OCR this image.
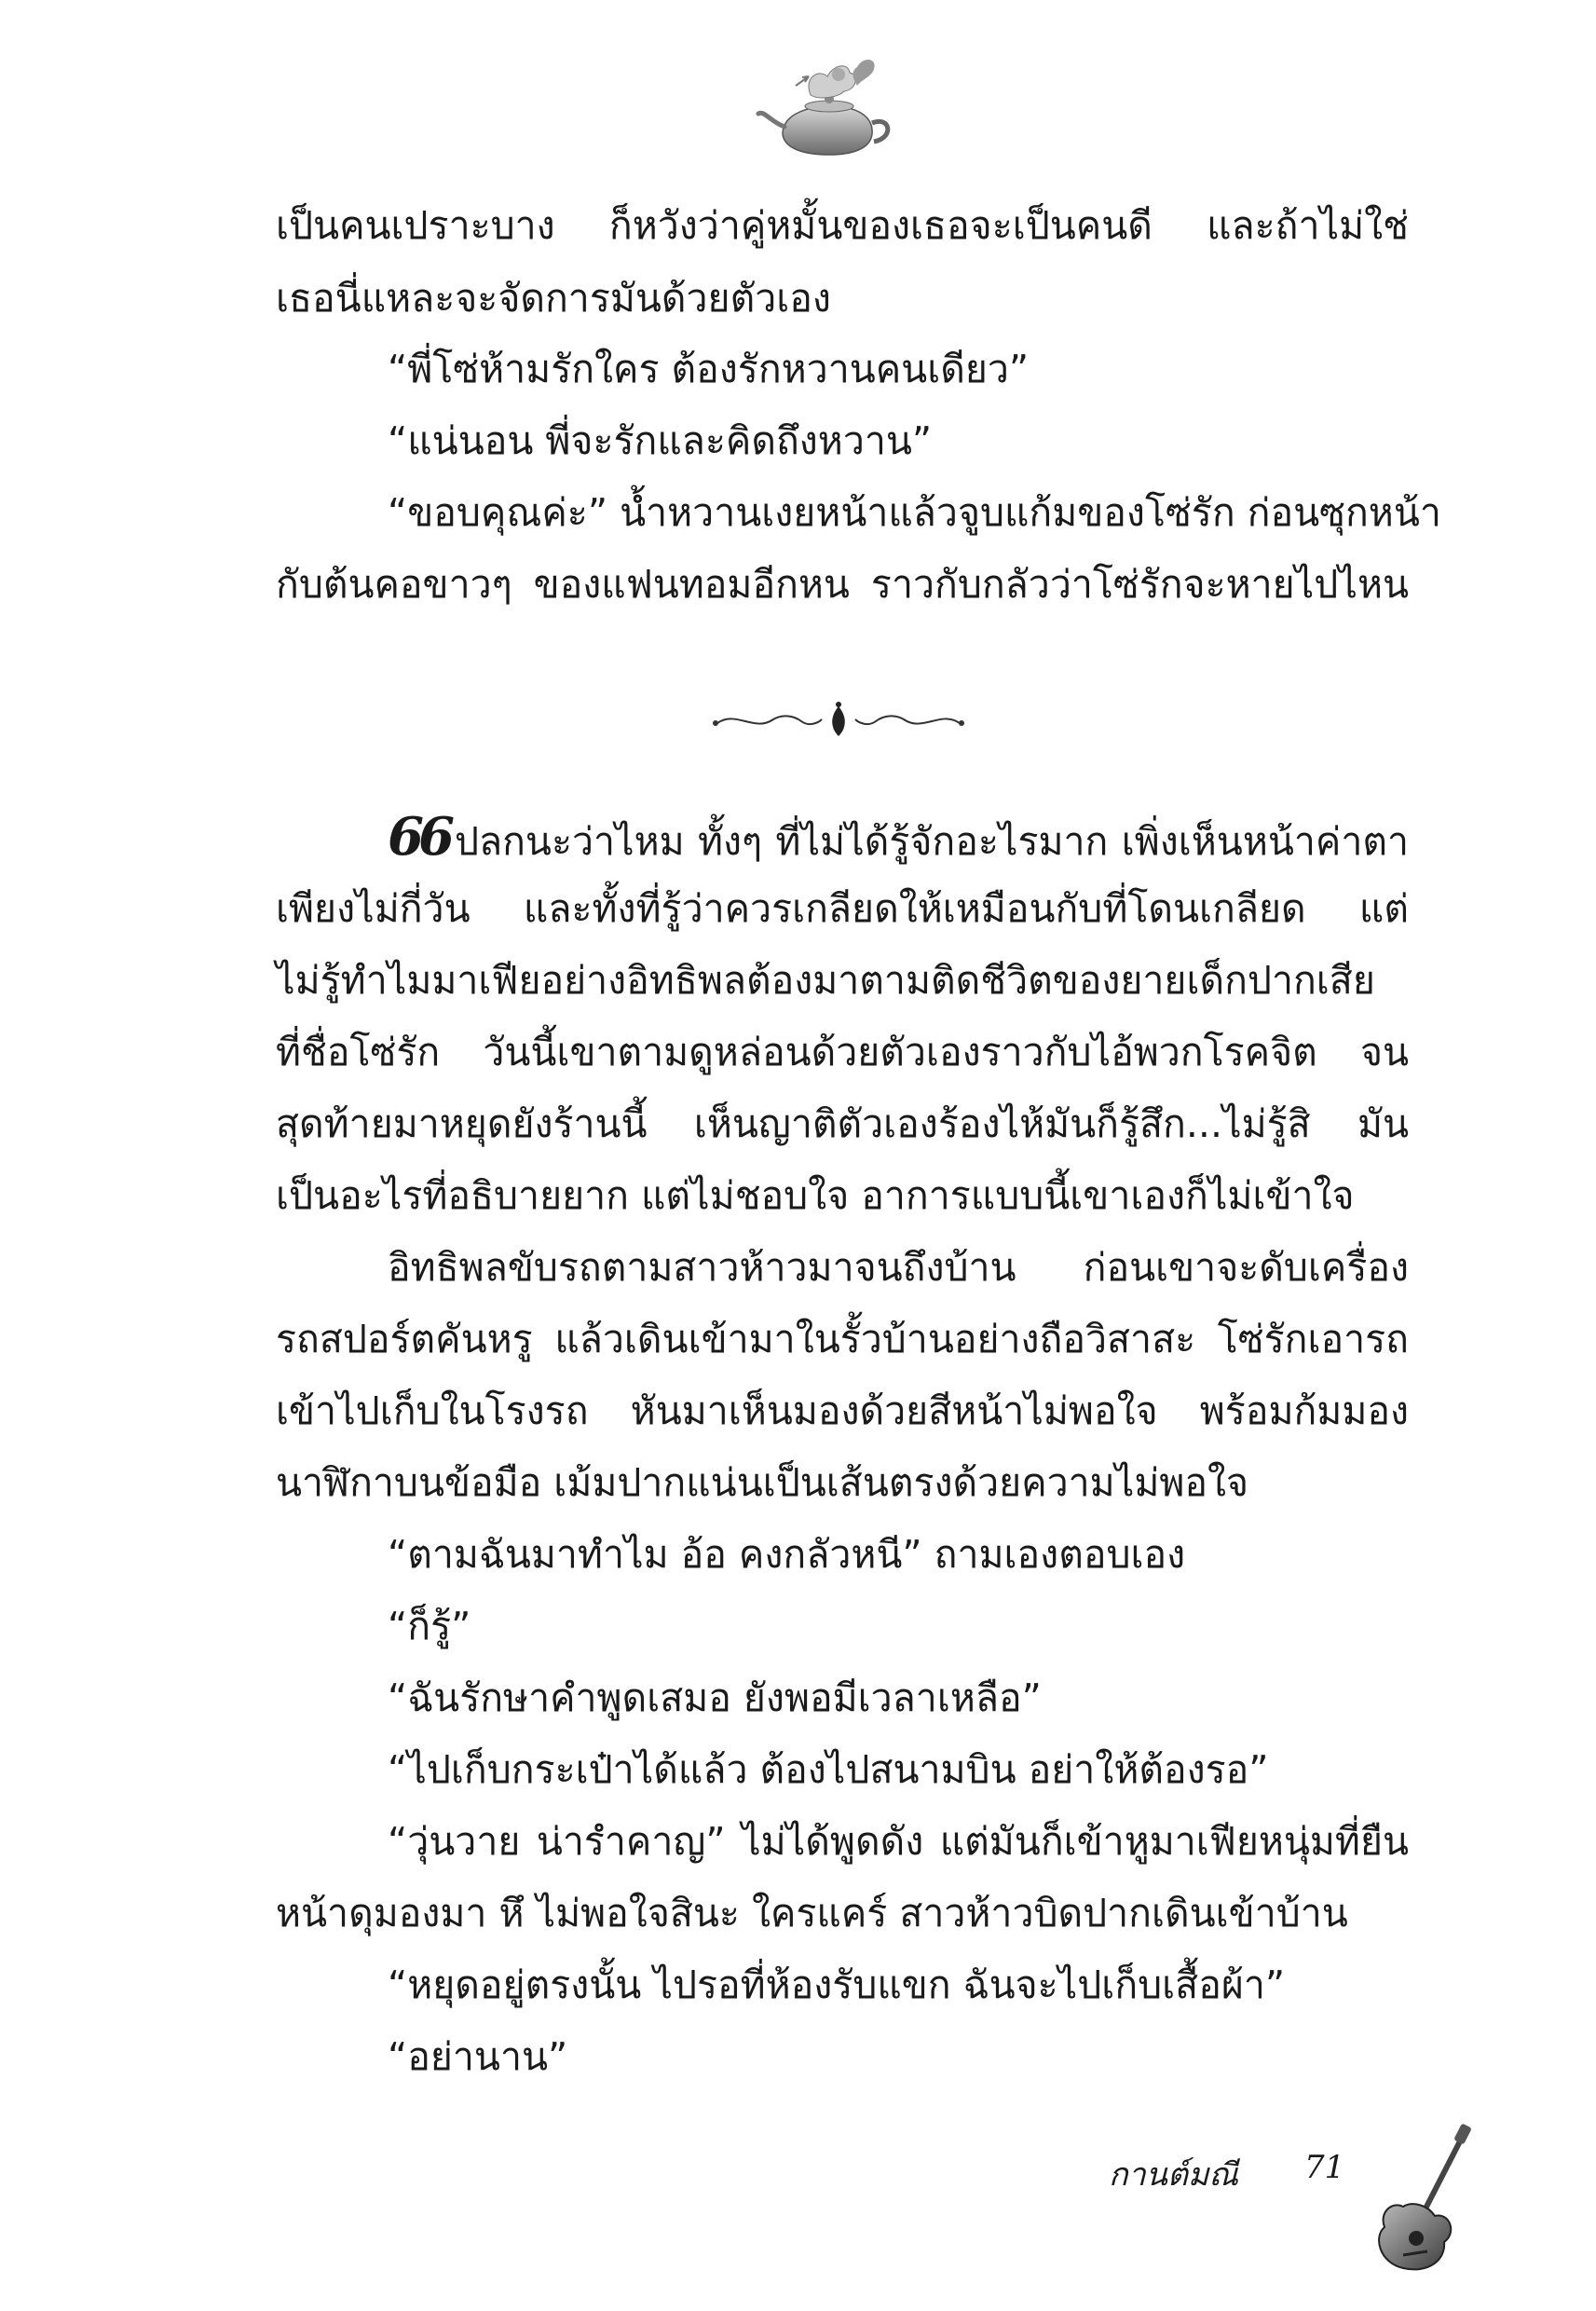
เป็นคนเปราะบาง ก็หวังว่าคู่หมั้นของเธอจะเป็นคนดี และถ้าไม่ใช่
เธอนี่แหละจะจัดการมันด้วยตัวเอง
“พี่โซ่ห้ามรักใคร ต้องรักหวานคนเดียว”
“แน่นอน พี่จะรักและคิดถึงหวาน”
“ขอบคุณค่ะ” น้ำหวานเงยหน้าแล้วจูบแก้มของโซ่รัก ก่อนซุกหน้า
กับต้นคอขาวๆ ของแฟนทอมอีกหน ราวกับกลัวว่าโซ่รักจะหายไปไหน
66 ปลกนะว่าไหม ทั้งๆ ที่ไม่ได้รู้จักอะไรมาก เพิ่งเห็นหน้าค่าตา
เพียงไม่กี่วัน และทั้งที่รู้ว่าควรเกลียดให้เหมือนกับที่โดนเกลียด แต่
ไม่รู้ทำไมมาเฟียอย่างอิทธิพลต้องมาตามติดชีวิตของยายเด็กปากเสีย
ที่ชื่อโซ่รัก วันนี้เขาตามดูหล่อนด้วยตัวเองราวกับไอ้พวกโรคจิต จน
สุดท้ายมาหยุดยังร้านนี้ เห็นญาติตัวเองร้องไห้มันก็รู้สึก...ไม่รู้สิ มัน
เป็นอะไรที่อธิบายยาก แต่ไม่ชอบใจ อาการแบบนี้เขาเองก็ไม่เข้าใจ
อิทธิพลขับรถตามสาวห้าวมาจนถึงบ้าน ก่อนเขาจะดับเครื่อง
รถสปอร์ตคันหรู แล้วเดินเข้ามาในรั้วบ้านอย่างถือวิสาสะ โซ่รักเอารถ
เข้าไปเก็บในโรงรถ หันมาเห็นมองด้วยสีหน้าไม่พอใจ พร้อมก้มมอง
นาฬิกาบนข้อมือ เม้มปากแน่นเป็นเส้นตรงด้วยความไม่พอใจ
“ตามฉันมาทำไม อ้อ คงกลัวหนี” ถามเองตอบเอง
“ก็รู้”
“ฉันรักษาคำพูดเสมอ ยังพอมีเวลาเหลือ”
“ไปเก็บกระเป๋าได้แล้ว ต้องไปสนามบิน อย่าให้ต้องรอ”
“วุ่นวาย น่ารำคาญ” ไม่ได้พูดดัง แต่มันก็เข้าหูมาเฟียหนุ่มที่ยืน
หน้าดุมองมา หึ ไม่พอใจสินะ ใครแคร์ สาวห้าวบิดปากเดินเข้าบ้าน
“หยุดอยู่ตรงนั้น ไปรอที่ห้องรับแขก ฉันจะไปเก็บเสื้อผ้า”
“อย่านาน”
กานต์มณี 71
